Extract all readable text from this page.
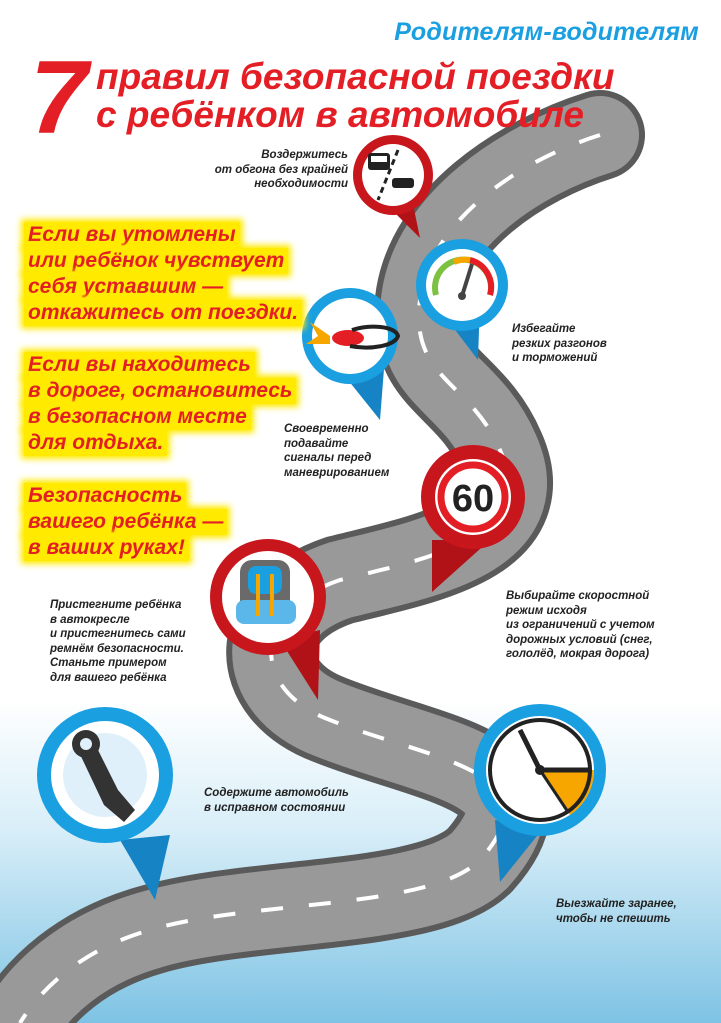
60
Родителям-водителям
7 правил безопасной поездки
с ребёнком в автомобиле
Если вы утомлены
или ребёнок чувствует
себя уставшим —
откажитесь от поездки.
Если вы находитесь
в дороге, остановитесь
в безопасном месте
для отдыха.
Безопасность
вашего ребёнка —
в ваших руках!
Воздержитесь
от обгона без крайней
необходимости
Избегайте
резких разгонов
и торможений
Своевременно
подавайте
сигналы перед
маневрированием
Выбирайте скоростной
режим исходя
из ограничений с учетом
дорожных условий (снег,
гололёд, мокрая дорога)
Пристегните ребёнка
в автокресле
и пристегнитесь сами
ремнём безопасности.
Станьте примером
для вашего ребёнка
Содержите автомобиль
в исправном состоянии
Выезжайте заранее,
чтобы не спешить
